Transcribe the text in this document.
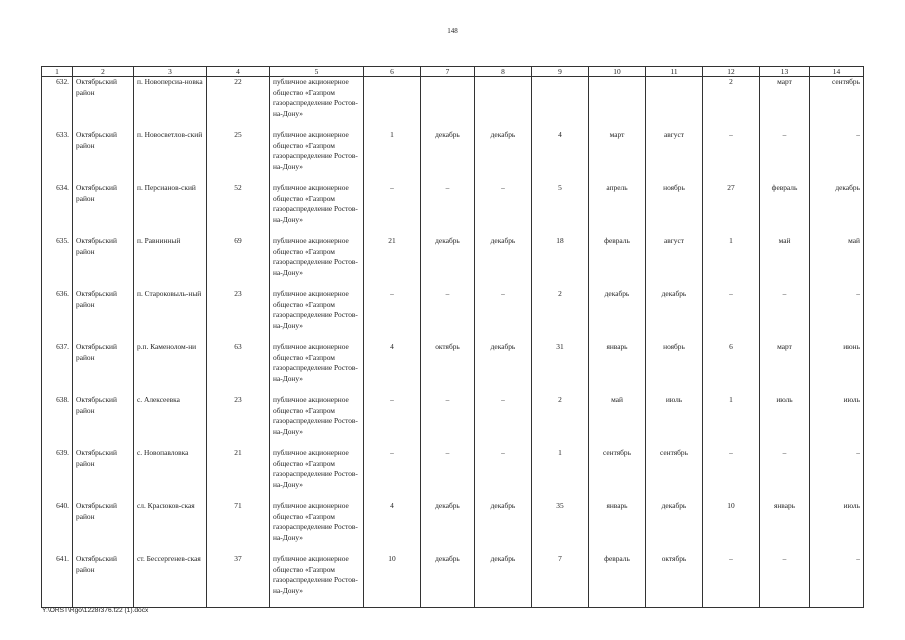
148
1	2	3	4	5	6	7	8	9	10	11	12	13	14
632.	Октябрьский район	п. Новоперсиа-новка	22	публичное акционерное общество «Газпром газораспределение Ростов-на-Дону»							2	март	сентябрь
633.	Октябрьский район	п. Новосветлов-ский	25	публичное акционерное общество «Газпром газораспределение Ростов-на-Дону»	1	декабрь	декабрь	4	март	август	–	–	–
634.	Октябрьский район	п. Персианов-ский	52	публичное акционерное общество «Газпром газораспределение Ростов-на-Дону»	–	–	–	5	апрель	ноябрь	27	февраль	декабрь
635.	Октябрьский район	п. Равнинный	69	публичное акционерное общество «Газпром газораспределение Ростов-на-Дону»	21	декабрь	декабрь	18	февраль	август	1	май	май
636.	Октябрьский район	п. Староковыль-ный	23	публичное акционерное общество «Газпром газораспределение Ростов-на-Дону»	–	–	–	2	декабрь	декабрь	–	–	–
637.	Октябрьский район	р.п. Каменолом-ни	63	публичное акционерное общество «Газпром газораспределение Ростов-на-Дону»	4	октябрь	декабрь	31	январь	ноябрь	6	март	июнь
638.	Октябрьский район	с. Алексеевка	23	публичное акционерное общество «Газпром газораспределение Ростов-на-Дону»	–	–	–	2	май	июль	1	июль	июль
639.	Октябрьский район	с. Новопавловка	21	публичное акционерное общество «Газпром газораспределение Ростов-на-Дону»	–	–	–	1	сентябрь	сентябрь	–	–	–
640.	Октябрьский район	сл. Красюков-ская	71	публичное акционерное общество «Газпром газораспределение Ростов-на-Дону»	4	декабрь	декабрь	35	январь	декабрь	10	январь	июль
641.	Октябрьский район	ст. Бессергенев-ская	37	публичное акционерное общество «Газпром газораспределение Ростов-на-Дону»	10	декабрь	декабрь	7	февраль	октябрь	–	–	–
Y:\ORST\Rgo\1228r376.f22 (1).docx
